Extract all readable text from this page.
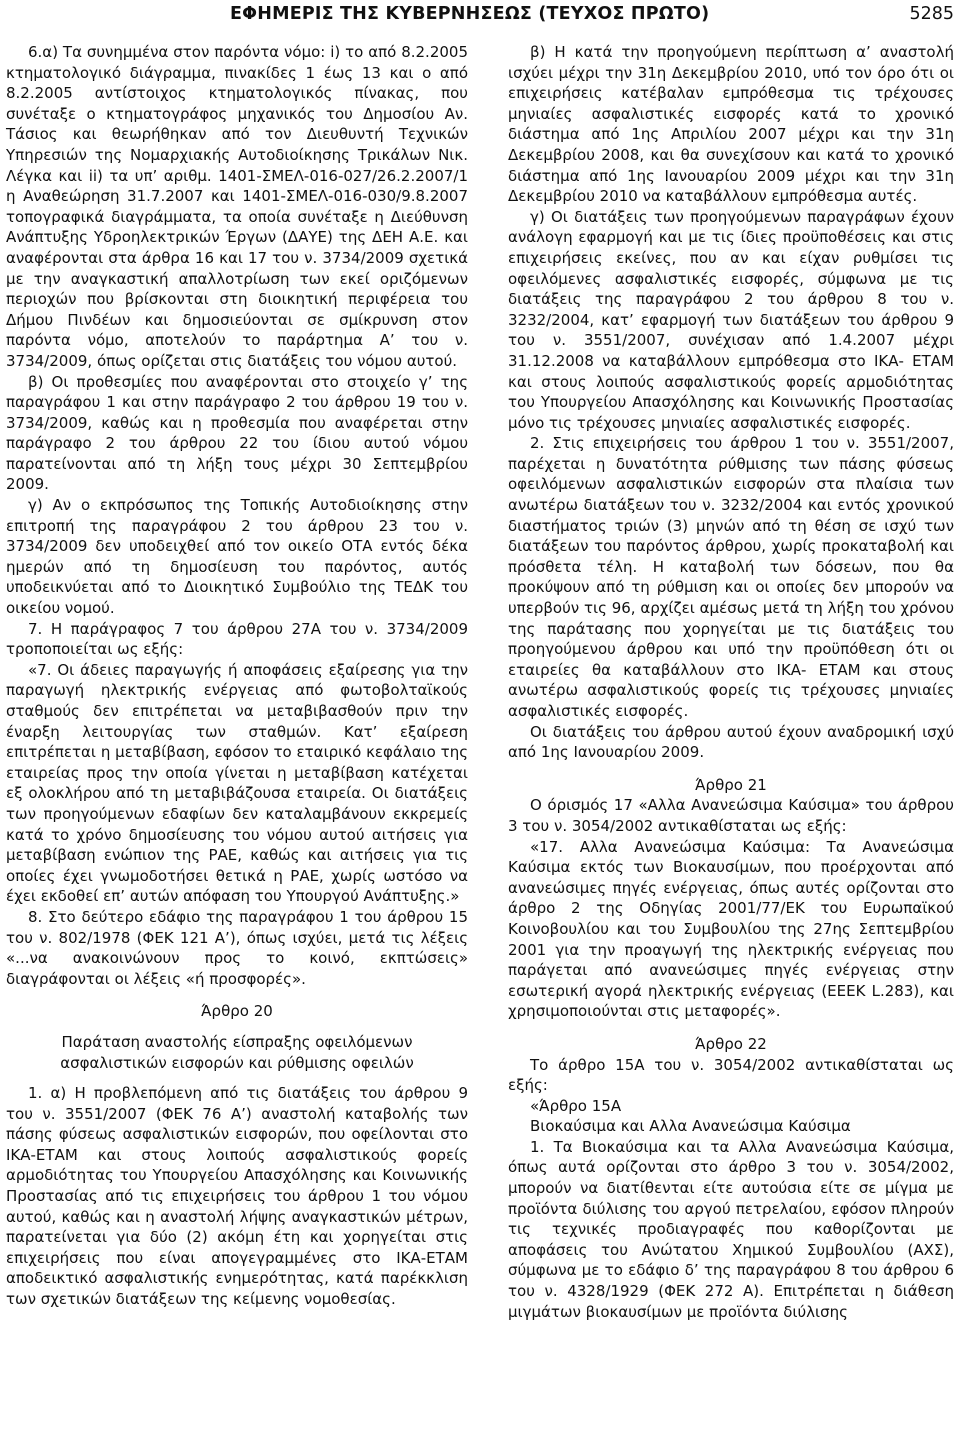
ΕΦΗΜΕΡΙΣ ΤΗΣ ΚΥΒΕΡΝΗΣΕΩΣ (ΤΕΥΧΟΣ ΠΡΩΤΟ)	5285

6.α) Τα συνημμένα στον παρόντα νόμο: i) το από 8.2.2005 κτηματολογικό διάγραμμα, πινακίδες 1 έως 13 και ο από 8.2.2005 αντίστοιχος κτηματολογικός πίνακας, που συνέταξε ο κτηματογράφος μηχανικός του Δημοσίου Αν. Τάσιος και θεωρήθηκαν από τον Διευθυντή Τεχνικών Υπηρεσιών της Νομαρχιακής Αυτοδιοίκησης Τρικάλων Νικ. Λέγκα και ii) τα υπ’ αριθμ. 1401-ΣΜΕΛ-016-027/26.2.2007/1 η Αναθεώρηση 31.7.2007 και 1401-ΣΜΕΛ-016-030/9.8.2007 τοπογραφικά διαγράμματα, τα οποία συνέταξε η Διεύθυνση Ανάπτυξης Υδροηλεκτρικών Έργων (ΔΑΥΕ) της ΔΕΗ Α.Ε. και αναφέρονται στα άρθρα 16 και 17 του ν. 3734/2009 σχετικά με την αναγκαστική απαλλοτρίωση των εκεί οριζόμενων περιοχών που βρίσκονται στη διοικητική περιφέρεια του Δήμου Πινδέων και δημοσιεύονται σε σμίκρυνση στον παρόντα νόμο, αποτελούν το παράρτημα Α’ του ν. 3734/2009, όπως ορίζεται στις διατάξεις του νόμου αυτού.

β) Οι προθεσμίες που αναφέρονται στο στοιχείο γ’ της παραγράφου 1 και στην παράγραφο 2 του άρθρου 19 του ν. 3734/2009, καθώς και η προθεσμία που αναφέρεται στην παράγραφο 2 του άρθρου 22 του ίδιου αυτού νόμου παρατείνονται από τη λήξη τους μέχρι 30 Σεπτεμβρίου 2009.

γ) Αν ο εκπρόσωπος της Τοπικής Αυτοδιοίκησης στην επιτροπή της παραγράφου 2 του άρθρου 23 του ν. 3734/2009 δεν υποδειχθεί από τον οικείο ΟΤΑ εντός δέκα ημερών από τη δημοσίευση του παρόντος, αυτός υποδεικνύεται από το Διοικητικό Συμβούλιο της ΤΕΔΚ του οικείου νομού.

7. Η παράγραφος 7 του άρθρου 27Α του ν. 3734/2009 τροποποιείται ως εξής:

«7. Οι άδειες παραγωγής ή αποφάσεις εξαίρεσης για την παραγωγή ηλεκτρικής ενέργειας από φωτοβολταϊκούς σταθμούς δεν επιτρέπεται να μεταβιβασθούν πριν την έναρξη λειτουργίας των σταθμών. Κατ’ εξαίρεση επιτρέπεται η μεταβίβαση, εφόσον το εταιρικό κεφάλαιο της εταιρείας προς την οποία γίνεται η μεταβίβαση κατέχεται εξ ολοκλήρου από τη μεταβιβάζουσα εταιρεία. Οι διατάξεις των προηγούμενων εδαφίων δεν καταλαμβάνουν εκκρεμείς κατά το χρόνο δημοσίευσης του νόμου αυτού αιτήσεις για μεταβίβαση ενώπιον της ΡΑΕ, καθώς και αιτήσεις για τις οποίες έχει γνωμοδοτήσει θετικά η ΡΑΕ, χωρίς ωστόσο να έχει εκδοθεί επ’ αυτών απόφαση του Υπουργού Ανάπτυξης.»

8. Στο δεύτερο εδάφιο της παραγράφου 1 του άρθρου 15 του ν. 802/1978 (ΦΕΚ 121 Α’), όπως ισχύει, μετά τις λέξεις «...να ανακοινώνουν προς το κοινό, εκπτώσεις» διαγράφονται οι λέξεις «ή προσφορές».

Άρθρο 20

Παράταση αναστολής είσπραξης οφειλόμενων ασφαλιστικών εισφορών και ρύθμισης οφειλών

1. α) Η προβλεπόμενη από τις διατάξεις του άρθρου 9 του ν. 3551/2007 (ΦΕΚ 76 Α’) αναστολή καταβολής των πάσης φύσεως ασφαλιστικών εισφορών, που οφείλονται στο ΙΚΑ-ΕΤΑΜ και στους λοιπούς ασφαλιστικούς φορείς αρμοδιότητας του Υπουργείου Απασχόλησης και Κοινωνικής Προστασίας από τις επιχειρήσεις του άρθρου 1 του νόμου αυτού, καθώς και η αναστολή λήψης αναγκαστικών μέτρων, παρατείνεται για δύο (2) ακόμη έτη και χορηγείται στις επιχειρήσεις που είναι απογεγραμμένες στο ΙΚΑ-ΕΤΑΜ αποδεικτικό ασφαλιστικής ενημερότητας, κατά παρέκκλιση των σχετικών διατάξεων της κείμενης νομοθεσίας.

β) Η κατά την προηγούμενη περίπτωση α’ αναστολή ισχύει μέχρι την 31η Δεκεμβρίου 2010, υπό τον όρο ότι οι επιχειρήσεις κατέβαλαν εμπρόθεσμα τις τρέχουσες μηνιαίες ασφαλιστικές εισφορές κατά το χρονικό διάστημα από 1ης Απριλίου 2007 μέχρι και την 31η Δεκεμβρίου 2008, και θα συνεχίσουν και κατά το χρονικό διάστημα από 1ης Ιανουαρίου 2009 μέχρι και την 31η Δεκεμβρίου 2010 να καταβάλλουν εμπρόθεσμα αυτές.

γ) Οι διατάξεις των προηγούμενων παραγράφων έχουν ανάλογη εφαρμογή και με τις ίδιες προϋποθέσεις και στις επιχειρήσεις εκείνες, που αν και είχαν ρυθμίσει τις οφειλόμενες ασφαλιστικές εισφορές, σύμφωνα με τις διατάξεις της παραγράφου 2 του άρθρου 8 του ν. 3232/2004, κατ’ εφαρμογή των διατάξεων του άρθρου 9 του ν. 3551/2007, συνέχισαν από 1.4.2007 μέχρι 31.12.2008 να καταβάλλουν εμπρόθεσμα στο ΙΚΑ- ΕΤΑΜ και στους λοιπούς ασφαλιστικούς φορείς αρμοδιότητας του Υπουργείου Απασχόλησης και Κοινωνικής Προστασίας μόνο τις τρέχουσες μηνιαίες ασφαλιστικές εισφορές.

2. Στις επιχειρήσεις του άρθρου 1 του ν. 3551/2007, παρέχεται η δυνατότητα ρύθμισης των πάσης φύσεως οφειλόμενων ασφαλιστικών εισφορών στα πλαίσια των ανωτέρω διατάξεων του ν. 3232/2004 και εντός χρονικού διαστήματος τριών (3) μηνών από τη θέση σε ισχύ των διατάξεων του παρόντος άρθρου, χωρίς προκαταβολή και πρόσθετα τέλη. Η καταβολή των δόσεων, που θα προκύψουν από τη ρύθμιση και οι οποίες δεν μπορούν να υπερβούν τις 96, αρχίζει αμέσως μετά τη λήξη του χρόνου της παράτασης που χορηγείται με τις διατάξεις του προηγούμενου άρθρου και υπό την προϋπόθεση ότι οι εταιρείες θα καταβάλλουν στο ΙΚΑ- ΕΤΑΜ και στους ανωτέρω ασφαλιστικούς φορείς τις τρέχουσες μηνιαίες ασφαλιστικές εισφορές.

Οι διατάξεις του άρθρου αυτού έχουν αναδρομική ισχύ από 1ης Ιανουαρίου 2009.

Άρθρο 21

Ο όρισμός 17 «Αλλα Ανανεώσιμα Καύσιμα» του άρθρου 3 του ν. 3054/2002 αντικαθίσταται ως εξής:

«17. Αλλα Ανανεώσιμα Καύσιμα: Τα Ανανεώσιμα Καύσιμα εκτός των Βιοκαυσίμων, που προέρχονται από ανανεώσιμες πηγές ενέργειας, όπως αυτές ορίζονται στο άρθρο 2 της Οδηγίας 2001/77/ΕΚ του Ευρωπαϊκού Κοινοβουλίου και του Συμβουλίου της 27ης Σεπτεμβρίου 2001 για την προαγωγή της ηλεκτρικής ενέργειας που παράγεται από ανανεώσιμες πηγές ενέργειας στην εσωτερική αγορά ηλεκτρικής ενέργειας (ΕΕΕΚ L.283), και χρησιμοποιούνται στις μεταφορές».

Άρθρο 22

Το άρθρο 15Α του ν. 3054/2002 αντικαθίσταται ως εξής:

«Άρθρο 15Α

Βιοκαύσιμα και Αλλα Ανανεώσιμα Καύσιμα

1. Τα Βιοκαύσιμα και τα Αλλα Ανανεώσιμα Καύσιμα, όπως αυτά ορίζονται στο άρθρο 3 του ν. 3054/2002, μπορούν να διατίθενται είτε αυτούσια είτε σε μίγμα με προϊόντα διύλισης του αργού πετρελαίου, εφόσον πληρούν τις τεχνικές προδιαγραφές που καθορίζονται με αποφάσεις του Ανώτατου Χημικού Συμβουλίου (ΑΧΣ), σύμφωνα με το εδάφιο δ’ της παραγράφου 8 του άρθρου 6 του ν. 4328/1929 (ΦΕΚ 272 Α). Επιτρέπεται η διάθεση μιγμάτων βιοκαυσίμων με προϊόντα διύλισης
